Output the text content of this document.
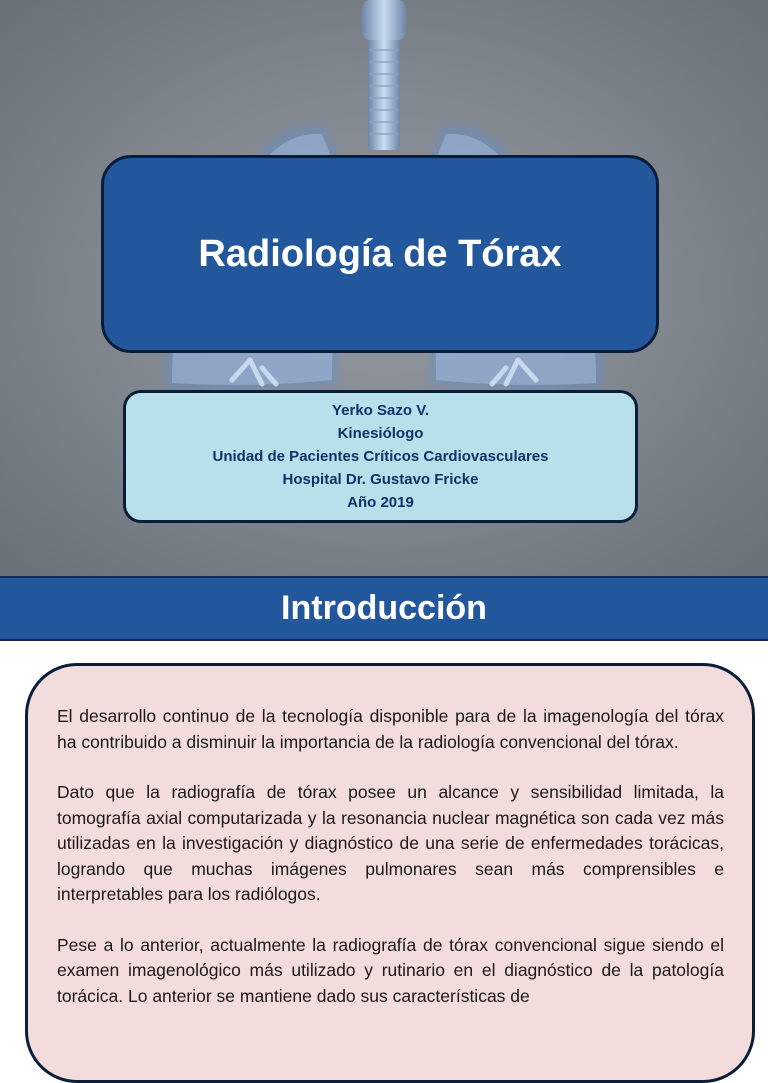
Radiología de Tórax
Yerko Sazo V.
Kinesiólogo
Unidad de Pacientes Críticos Cardiovasculares
Hospital Dr. Gustavo Fricke
Año 2019
Introducción

El desarrollo continuo de la tecnología disponible para de la imagenología del tórax ha contribuido a disminuir la importancia de la radiología convencional del tórax.

Dato que la radiografía de tórax posee un alcance y sensibilidad limitada, la tomografía axial computarizada y la resonancia nuclear magnética son cada vez más utilizadas en la investigación y diagnóstico de una serie de enfermedades torácicas, logrando que muchas imágenes pulmonares sean más comprensibles e interpretables para los radiólogos.

Pese a lo anterior, actualmente la radiografía de tórax convencional sigue siendo el examen imagenológico más utilizado y rutinario en el diagnóstico de la patología torácica. Lo anterior se mantiene dado sus características de
